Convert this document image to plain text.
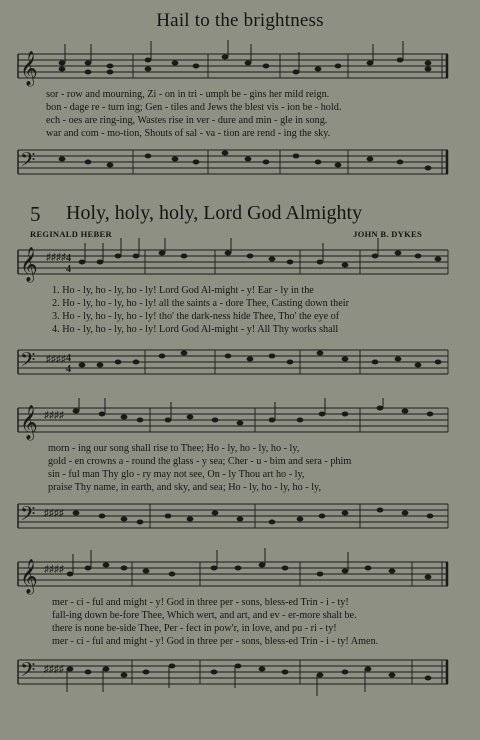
Hail to the brightness
𝄞
sor - row and mourning, Zi - on in tri - umph be - gins her mild reign.
bon - dage re - turn ing; Gen - tiles and Jews the blest vis - ion be - hold.
ech - oes are ring-ing, Wastes rise in ver - dure and min - gle in song.
war and com - mo-tion, Shouts of sal - va - tion are rend - ing the sky.
𝄢
5 Holy, holy, holy, Lord God Almighty
REGINALD HEBER	JOHN B. DYKES
𝄞 ♯♯♯♯ 4
4
1. Ho - ly, ho - ly, ho - ly! Lord God Al-might - y! Ear - ly in the
2. Ho - ly, ho - ly, ho - ly! all the saints a - dore Thee, Casting down their
3. Ho - ly, ho - ly, ho - ly! tho' the dark-ness hide Thee, Tho' the eye of
4. Ho - ly, ho - ly, ho - ly! Lord God Al-might - y! All Thy works shall
𝄢 ♯♯♯♯ 4
4
𝄞 ♯♯♯♯
morn - ing our song shall rise to Thee; Ho - ly, ho - ly, ho - ly,
gold - en crowns a - round the glass - y sea; Cher - u - bim and sera - phim
sin - ful man Thy glo - ry may not see, On - ly Thou art ho - ly,
praise Thy name, in earth, and sky, and sea; Ho - ly, ho - ly, ho - ly,
𝄢 ♯♯♯♯
𝄞 ♯♯♯♯
mer - ci - ful and might - y! God in three per - sons, bless-ed Trin - i - ty!
fall-ing down be-fore Thee, Which wert, and art, and ev - er-more shalt be.
there is none be-side Thee, Per - fect in pow'r, in love, and pu - ri - ty!
mer - ci - ful and might - y! God in three per - sons, bless-ed Trin - i - ty! Amen.
𝄢 ♯♯♯♯
